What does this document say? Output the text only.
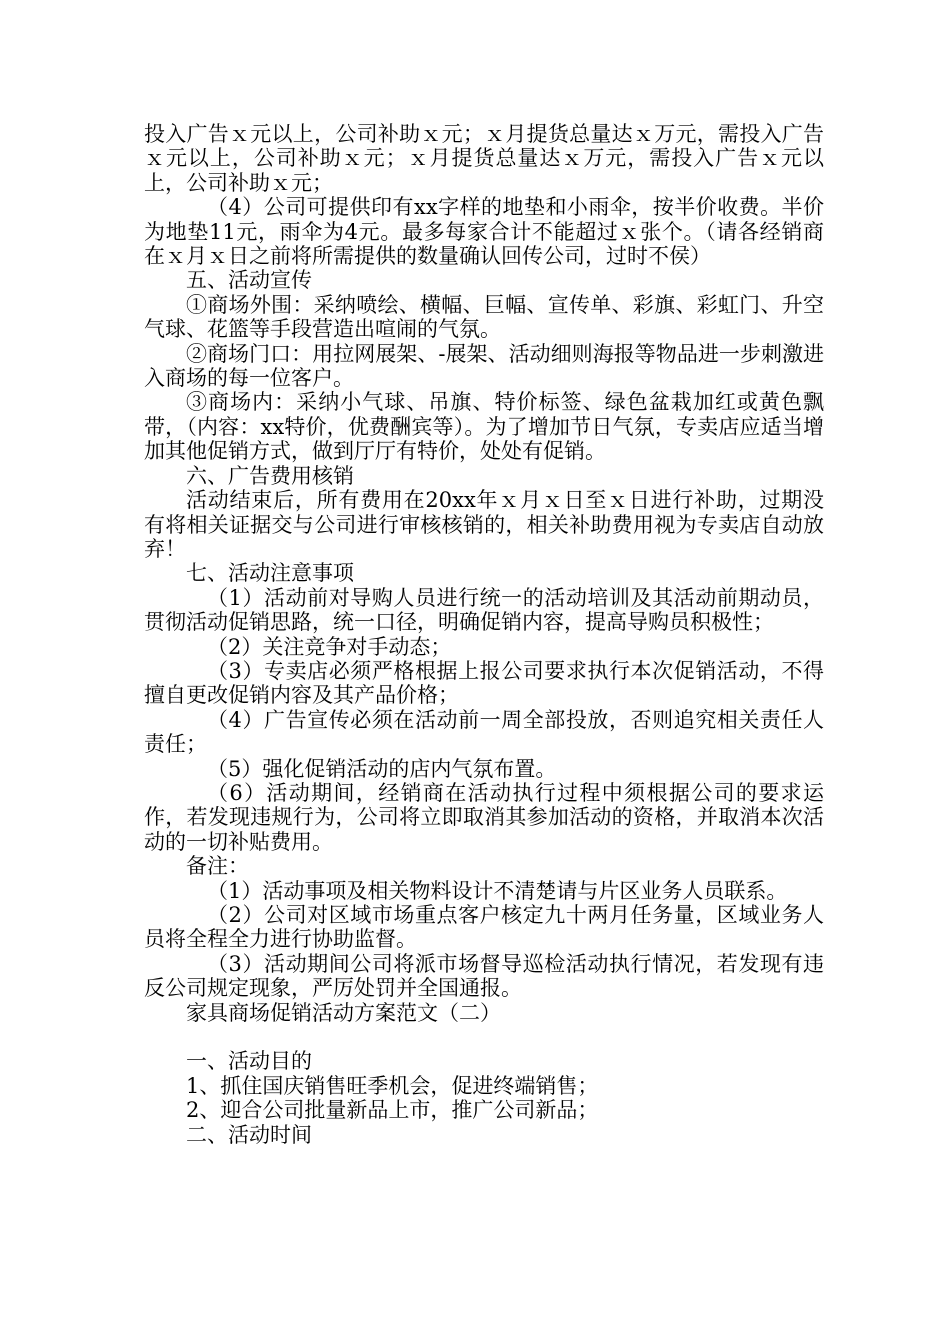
投入广告ｘ元以上，公司补助ｘ元；ｘ月提货总量达ｘ万元，需投入广告ｘ元以上，公司补助ｘ元；ｘ月提货总量达ｘ万元，需投入广告ｘ元以上，公司补助ｘ元；

（4）公司可提供印有xx字样的地垫和小雨伞，按半价收费。半价为地垫11元，雨伞为4元。最多每家合计不能超过ｘ张个。（请各经销商在ｘ月ｘ日之前将所需提供的数量确认回传公司，过时不侯）

五、活动宣传

①商场外围：采纳喷绘、横幅、巨幅、宣传单、彩旗、彩虹门、升空气球、花篮等手段营造出喧闹的气氛。

②商场门口：用拉网展架、-展架、活动细则海报等物品进一步刺激进入商场的每一位客户。

③商场内：采纳小气球、吊旗、特价标签、绿色盆栽加红或黄色飘带，（内容：xx特价，优费酬宾等）。为了增加节日气氛，专卖店应适当增加其他促销方式，做到厅厅有特价，处处有促销。

六、广告费用核销

活动结束后，所有费用在20xx年ｘ月ｘ日至ｘ日进行补助，过期没有将相关证据交与公司进行审核核销的，相关补助费用视为专卖店自动放弃！

七、活动注意事项

（1）活动前对导购人员进行统一的活动培训及其活动前期动员，贯彻活动促销思路，统一口径，明确促销内容，提高导购员积极性；

（2）关注竞争对手动态；

（3）专卖店必须严格根据上报公司要求执行本次促销活动，不得擅自更改促销内容及其产品价格；

（4）广告宣传必须在活动前一周全部投放，否则追究相关责任人责任；

（5）强化促销活动的店内气氛布置。

（6）活动期间，经销商在活动执行过程中须根据公司的要求运作，若发现违规行为，公司将立即取消其参加活动的资格，并取消本次活动的一切补贴费用。

备注：

（1）活动事项及相关物料设计不清楚请与片区业务人员联系。

（2）公司对区域市场重点客户核定九十两月任务量，区域业务人员将全程全力进行协助监督。

（3）活动期间公司将派市场督导巡检活动执行情况，若发现有违反公司规定现象，严厉处罚并全国通报。

家具商场促销活动方案范文（二）

一、活动目的

1、抓住国庆销售旺季机会，促进终端销售；

2、迎合公司批量新品上市，推广公司新品；

二、活动时间
